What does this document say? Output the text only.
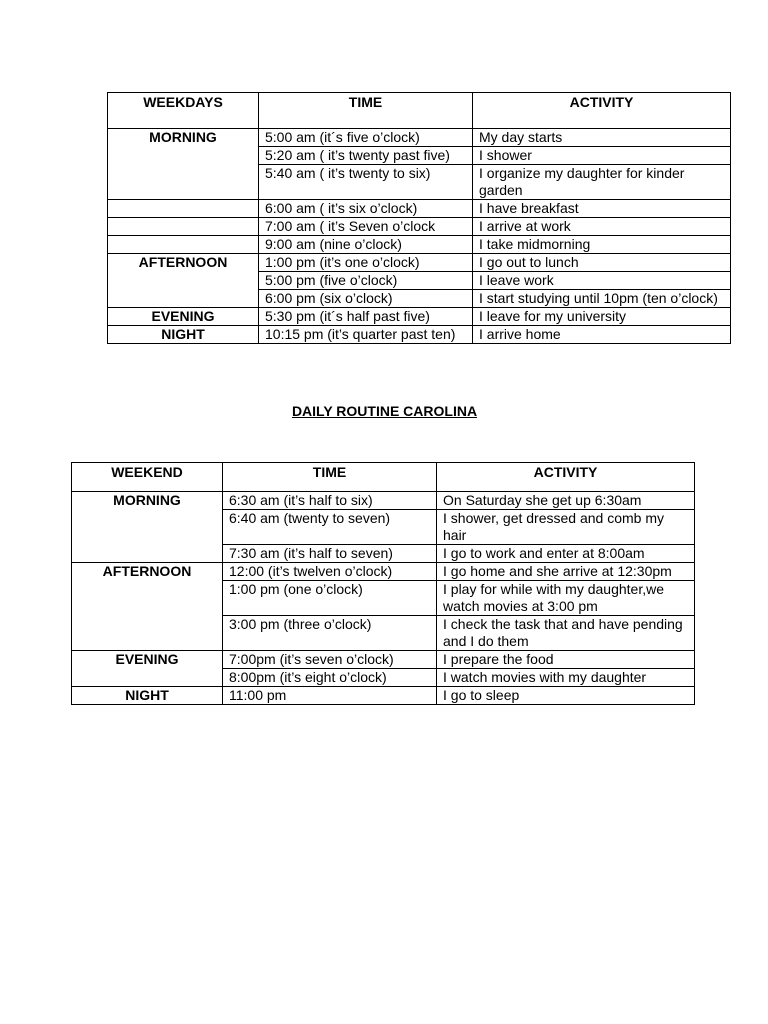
WEEKDAYS	TIME	ACTIVITY
MORNING	5:00 am (it´s five o’clock)	My day starts
	5:20 am ( it’s twenty past five)	I shower
	5:40 am ( it’s twenty to six)	I organize my daughter for kinder garden
	6:00 am ( it’s six o’clock)	I have breakfast
	7:00 am ( it’s Seven o’clock	I arrive at work
	9:00 am (nine o’clock)	I take midmorning
AFTERNOON	1:00 pm (it’s one o’clock)	I go out to lunch
	5:00 pm (five o’clock)	I leave work
	6:00 pm (six o’clock)	I start studying until 10pm (ten o’clock)
EVENING	5:30 pm (it´s half past five)	I leave for my university
NIGHT	10:15 pm (it’s quarter past ten)	I arrive home
DAILY ROUTINE CAROLINA
WEEKEND	TIME	ACTIVITY
MORNING	6:30 am (it’s half to six)	On Saturday she get up 6:30am
	6:40 am (twenty to seven)	I shower, get dressed and comb my hair
	7:30 am (it’s half to seven)	I go to work and enter at 8:00am
AFTERNOON	12:00 (it’s twelven o’clock)	I go home and she arrive at 12:30pm
	1:00 pm (one o’clock)	I play for while with my daughter,we watch movies at 3:00 pm
	3:00 pm (three o’clock)	I check the task that and have pending and I do them
EVENING	7:00pm (it’s seven o’clock)	I prepare the food
	8:00pm (it’s eight o’clock)	I watch movies with my daughter
NIGHT	11:00 pm	I go to sleep
